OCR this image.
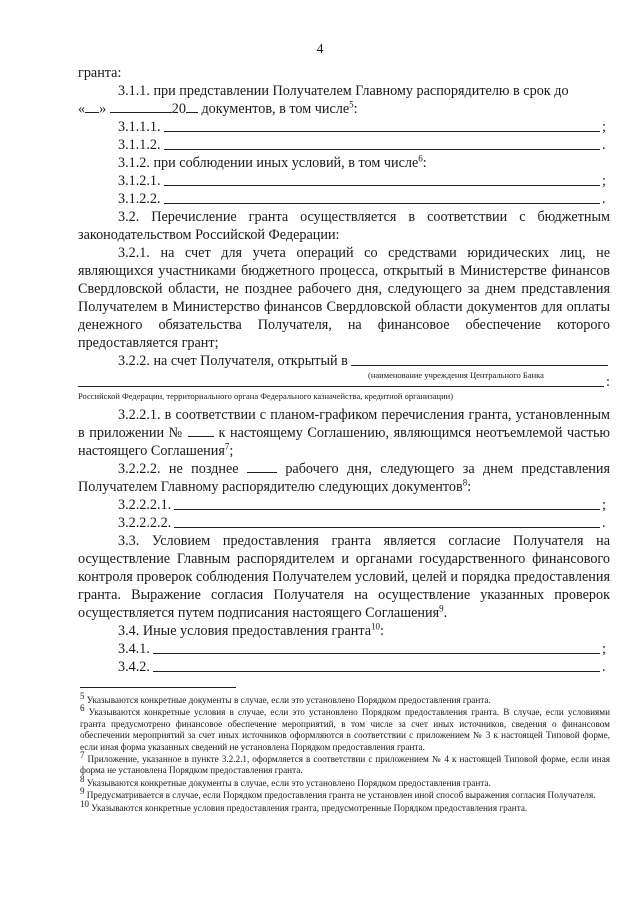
4

гранта:

3.1.1. при представлении Получателем Главному распорядителю в срок до

« »	20 документов, в том числе$^5$:

3.1.1.1.	;
3.1.1.2.	.

3.1.2. при соблюдении иных условий, в том числе$^6$:

3.1.2.1.	;
3.1.2.2.	.

3.2. Перечисление гранта осуществляется в соответствии с бюджетным законодательством Российской Федерации:

3.2.1. на счет для учета операций со средствами юридических лиц, не являющихся участниками бюджетного процесса, открытый в Министерстве финансов Свердловской области, не позднее рабочего дня, следующего за днем представления Получателем в Министерство финансов Свердловской области документов для оплаты денежного обязательства Получателя, на финансовое обеспечение которого предоставляется грант;

3.2.2. на счет Получателя, открытый в
(наименование учреждения Центрального Банка	:
Российской Федерации, территориального органа Федерального казначейства, кредитной организации)

3.2.2.1. в соответствии с планом-графиком перечисления гранта, установленным в приложении № к настоящему Соглашению, являющимся неотъемлемой частью настоящего Соглашения$^7$;

3.2.2.2. не позднее	рабочего дня, следующего за днем представления Получателем Главному распорядителю следующих документов$^8$:

3.2.2.2.1.	;
3.2.2.2.2.	.

3.3. Условием предоставления гранта является согласие Получателя на осуществление Главным распорядителем и органами государственного финансового контроля проверок соблюдения Получателем условий, целей и порядка предоставления гранта. Выражение согласия Получателя на осуществление указанных проверок осуществляется путем подписания настоящего Соглашения$^9$.

3.4. Иные условия предоставления гранта$^{10}$:

3.4.1.	;
3.4.2.	.

$^5$ Указываются конкретные документы в случае, если это установлено Порядком предоставления гранта.

$^6$ Указываются конкретные условия в случае, если это установлено Порядком предоставления гранта. В случае, если условиями гранта предусмотрено финансовое обеспечение мероприятий, в том числе за счет иных источников, сведения о финансовом обеспечении мероприятий за счет иных источников оформляются в соответствии с приложением № 3 к настоящей Типовой форме, если иная форма указанных сведений не установлена Порядком предоставления гранта.

$^7$ Приложение, указанное в пункте 3.2.2.1, оформляется в соответствии с приложением № 4 к настоящей Типовой форме, если иная форма не установлена Порядком предоставления гранта.

$^8$ Указываются конкретные документы в случае, если это установлено Порядком предоставления гранта.

$^9$ Предусматривается в случае, если Порядком предоставления гранта не установлен иной способ выражения согласия Получателя.

$^{10}$ Указываются конкретные условия предоставления гранта, предусмотренные Порядком предоставления гранта.
